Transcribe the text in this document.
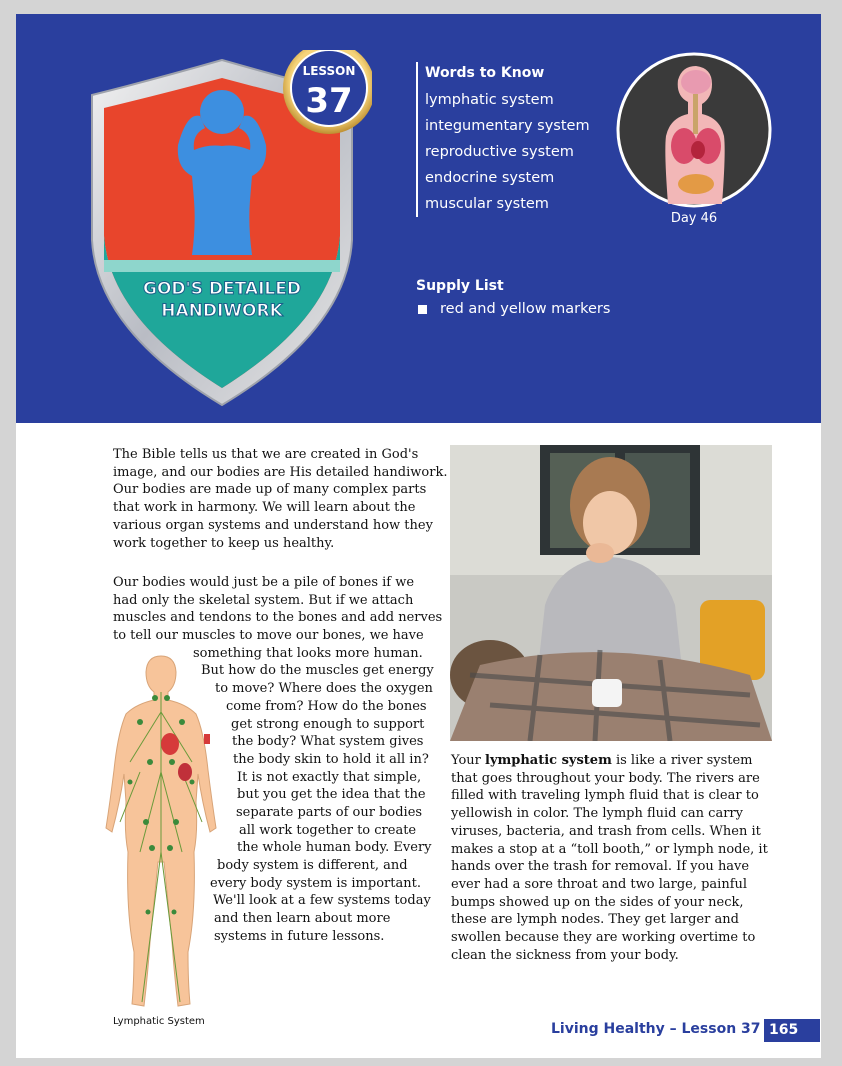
GOD'S DETAILED
HANDIWORK
LESSON
37
Words to Know
lymphatic system
integumentary system
reproductive system
endocrine system
muscular system
Day 46
Supply List
red and yellow markers

The Bible tells us that we are created in God's image, and our bodies are His detailed handiwork. Our bodies are made up of many complex parts that work in harmony. We will learn about the various organ systems and understand how they work together to keep us healthy.

Our bodies would just be a pile of bones if we
had only the skeletal system. But if we attach
muscles and tendons to the bones and add nerves
to tell our muscles to move our bones, we have
something that looks more human.
But how do the muscles get energy
to move? Where does the oxygen
come from? How do the bones
get strong enough to support
the body? What system gives
the body skin to hold it all in?
It is not exactly that simple,
but you get the idea that the
separate parts of our bodies
all work together to create
the whole human body. Every
body system is different, and
every body system is important.
We'll look at a few systems today
and then learn about more
systems in future lessons.
Lymphatic System
Your lymphatic system is like a river system that goes throughout your body. The rivers are filled with traveling lymph fluid that is clear to yellowish in color. The lymph fluid can carry viruses, bacteria, and trash from cells. When it makes a stop at a “toll booth,” or lymph node, it hands over the trash for removal. If you have ever had a sore throat and two large, painful bumps showed up on the sides of your neck, these are lymph nodes. They get larger and swollen because they are working overtime to clean the sickness from your body.
Living Healthy – Lesson 37 165
